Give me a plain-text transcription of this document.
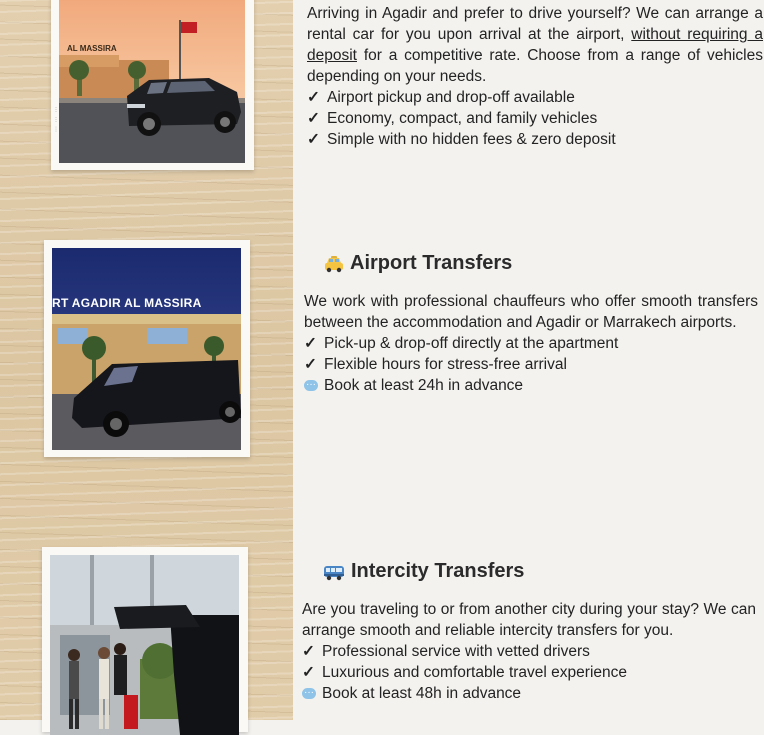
AL MASSIRA
⋯ ⋯ ⋯
RT AGADIR AL MASSIRA

Arriving in Agadir and prefer to drive yourself? We can arrange a rental car for you upon arrival at the airport, without requiring a deposit for a competitive rate. Choose from a range of vehicles depending on your needs.

✓ Airport pickup and drop-off available
✓ Economy, compact, and family vehicles
✓ Simple with no hidden fees & zero deposit
Airport Transfers

We work with professional chauffeurs who offer smooth transfers between the accommodation and Agadir or Marrakech airports.

✓ Pick-up & drop-off directly at the apartment
✓ Flexible hours for stress-free arrival
···Book at least 24h in advance
Intercity Transfers

Are you traveling to or from another city during your stay? We can arrange smooth and reliable intercity transfers for you.

✓ Professional service with vetted drivers
✓ Luxurious and comfortable travel experience
···Book at least 48h in advance
